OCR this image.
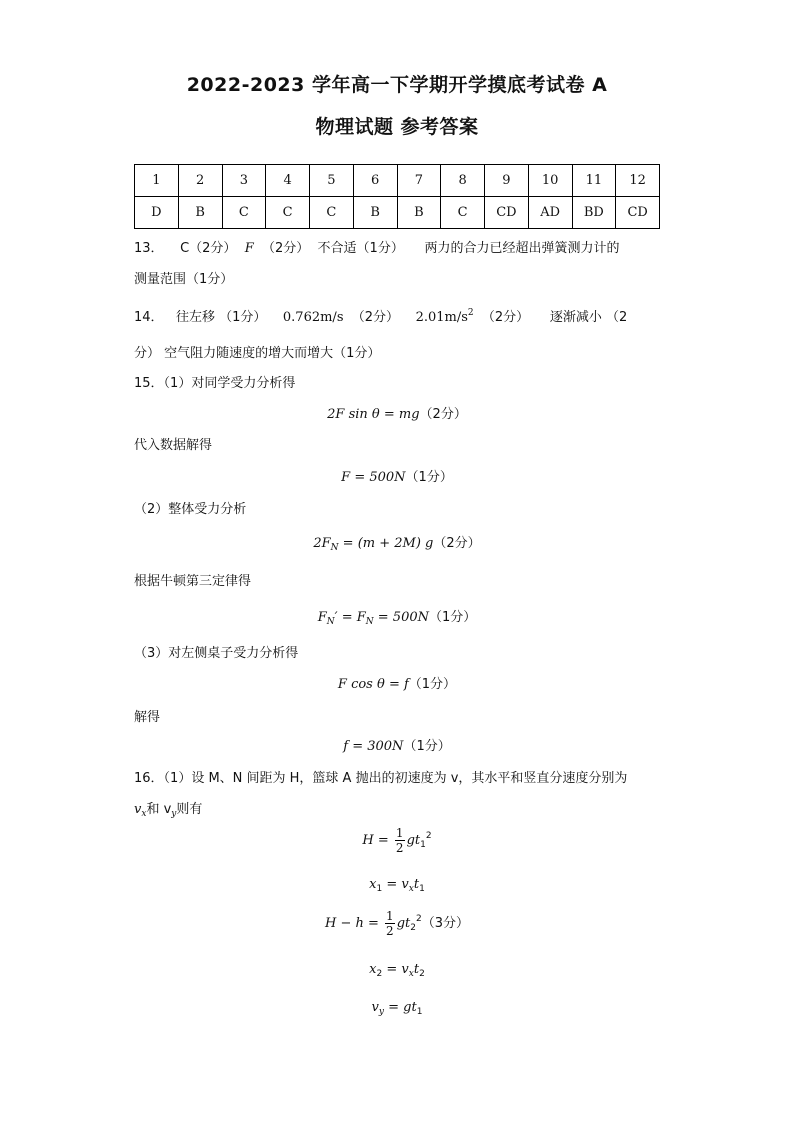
2022-2023 学年高一下学期开学摸底考试卷 A
物理试题 参考答案
1	2	3	4	5	6	7	8	9	10	11	12
D	B	C	C	C	B	B	C	CD	AD	BD	CD
13． C（2分） F （2分） 不合适（1分） 两力的合力已经超出弹簧测力计的
测量范围（1分）
14． 往左移 （1分） 0.762m/s （2分） $2.01m/s^2$ （2分） 逐渐减小 （2
分） 空气阻力随速度的增大而增大（1分）
15．（1）对同学受力分析得
2F sin θ = mg（2分）
代入数据解得
F = 500N（1分）
（2）整体受力分析
$2F_N = (m + 2M)$ g（2分）
根据牛顿第三定律得
$F_N' = F_N = 500N(1$分）
（3）对左侧桌子受力分析得
F cos θ = f（1分）
解得
f = 300N（1分）
16．（1）设 M、N 间距为 H，篮球 A 抛出的初速度为 v，其水平和竖直分速度分别为
$v_x$和 $v_y$则有
$H = \frac{1}{2} gt_1^2$
$x_1 = v_xt_1$
$H - h = \frac{1}{2} gt_2^2(3$分）
$x_2 = v_xt_2$
$v_y = gt_1$
